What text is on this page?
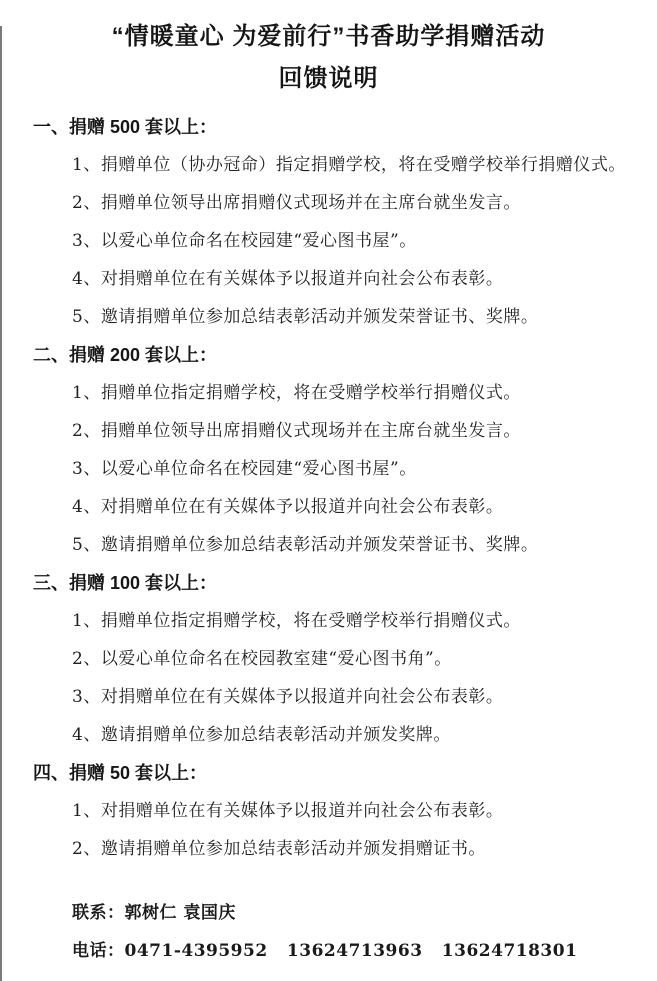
“情暖童心 为爱前行”书香助学捐赠活动
回馈说明
一、捐赠 500 套以上：

1、捐赠单位（协办冠命）指定捐赠学校，将在受赠学校举行捐赠仪式。

2、捐赠单位领导出席捐赠仪式现场并在主席台就坐发言。

3、以爱心单位命名在校园建“爱心图书屋”。

4、对捐赠单位在有关媒体予以报道并向社会公布表彰。

5、邀请捐赠单位参加总结表彰活动并颁发荣誉证书、奖牌。

二、捐赠 200 套以上：

1、捐赠单位指定捐赠学校，将在受赠学校举行捐赠仪式。

2、捐赠单位领导出席捐赠仪式现场并在主席台就坐发言。

3、以爱心单位命名在校园建“爱心图书屋”。

4、对捐赠单位在有关媒体予以报道并向社会公布表彰。

5、邀请捐赠单位参加总结表彰活动并颁发荣誉证书、奖牌。

三、捐赠 100 套以上：

1、捐赠单位指定捐赠学校，将在受赠学校举行捐赠仪式。

2、以爱心单位命名在校园教室建“爱心图书角”。

3、对捐赠单位在有关媒体予以报道并向社会公布表彰。

4、邀请捐赠单位参加总结表彰活动并颁发奖牌。

四、捐赠 50 套以上：

1、对捐赠单位在有关媒体予以报道并向社会公布表彰。

2、邀请捐赠单位参加总结表彰活动并颁发捐赠证书。

联系：郭树仁 袁国庆

电话：0471-4395952   13624713963   13624718301
